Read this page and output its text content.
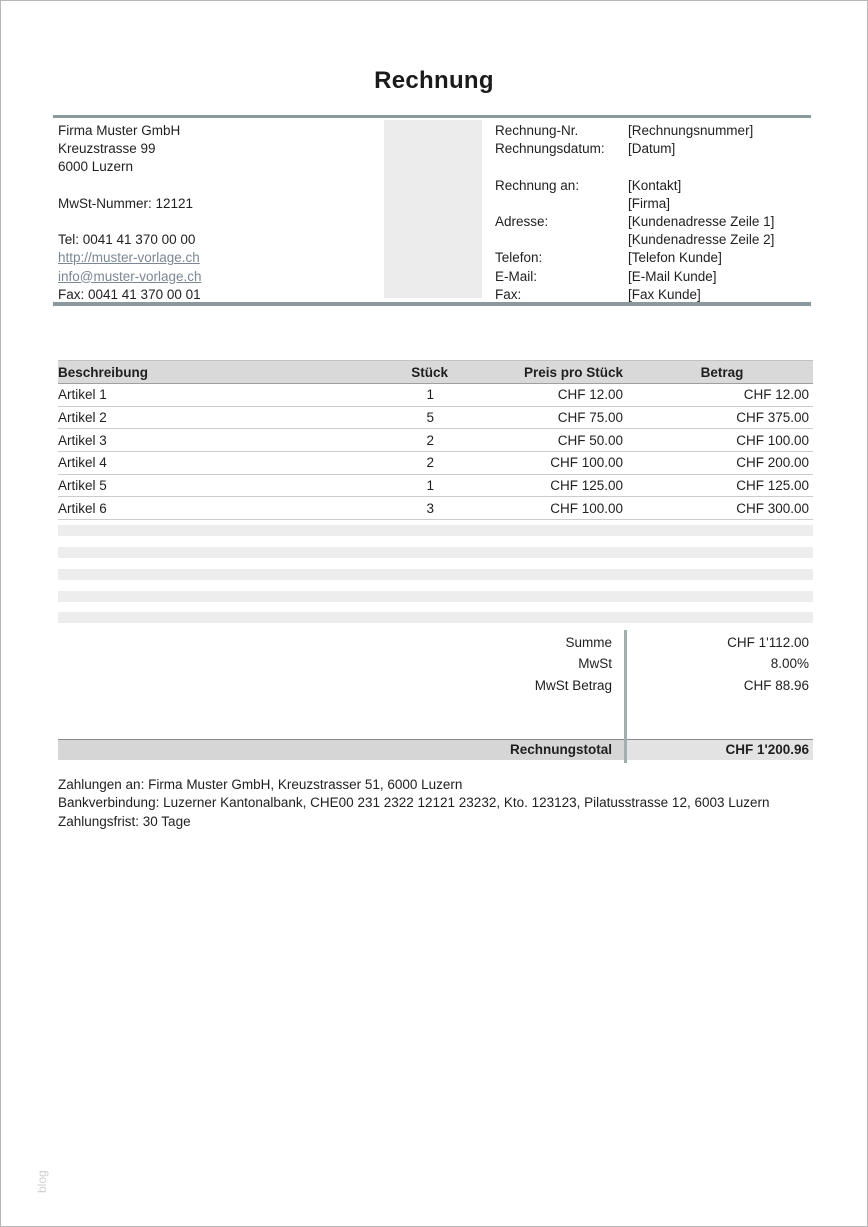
Rechnung
Firma Muster GmbH
Kreuzstrasse 99
6000 Luzern
MwSt-Nummer: 12121
Tel: 0041 41 370 00 00
http://muster-vorlage.ch
info@muster-vorlage.ch
Fax: 0041 41 370 00 01
Rechnung-Nr.	[Rechnungsnummer]
Rechnungsdatum:	[Datum]
Rechnung an:	[Kontakt]
[Firma]
Adresse:	[Kundenadresse Zeile 1]
[Kundenadresse Zeile 2]
Telefon:	[Telefon Kunde]
E-Mail:	[E-Mail Kunde]
Fax:	[Fax Kunde]
Beschreibung	Stück	Preis pro Stück	Betrag
Artikel 1	1	CHF 12.00	CHF 12.00
Artikel 2	5	CHF 75.00	CHF 375.00
Artikel 3	2	CHF 50.00	CHF 100.00
Artikel 4	2	CHF 100.00	CHF 200.00
Artikel 5	1	CHF 125.00	CHF 125.00
Artikel 6	3	CHF 100.00	CHF 300.00

Summe	CHF 1'112.00
MwSt	8.00%
MwSt Betrag	CHF 88.96
Rechnungstotal	CHF 1'200.96
Zahlungen an: Firma Muster GmbH, Kreuzstrasser 51, 6000 Luzern
Bankverbindung: Luzerner Kantonalbank, CHE00 231 2322 12121 23232, Kto. 123123, Pilatusstrasse 12, 6003 Luzern
Zahlungsfrist: 30 Tage
blog
